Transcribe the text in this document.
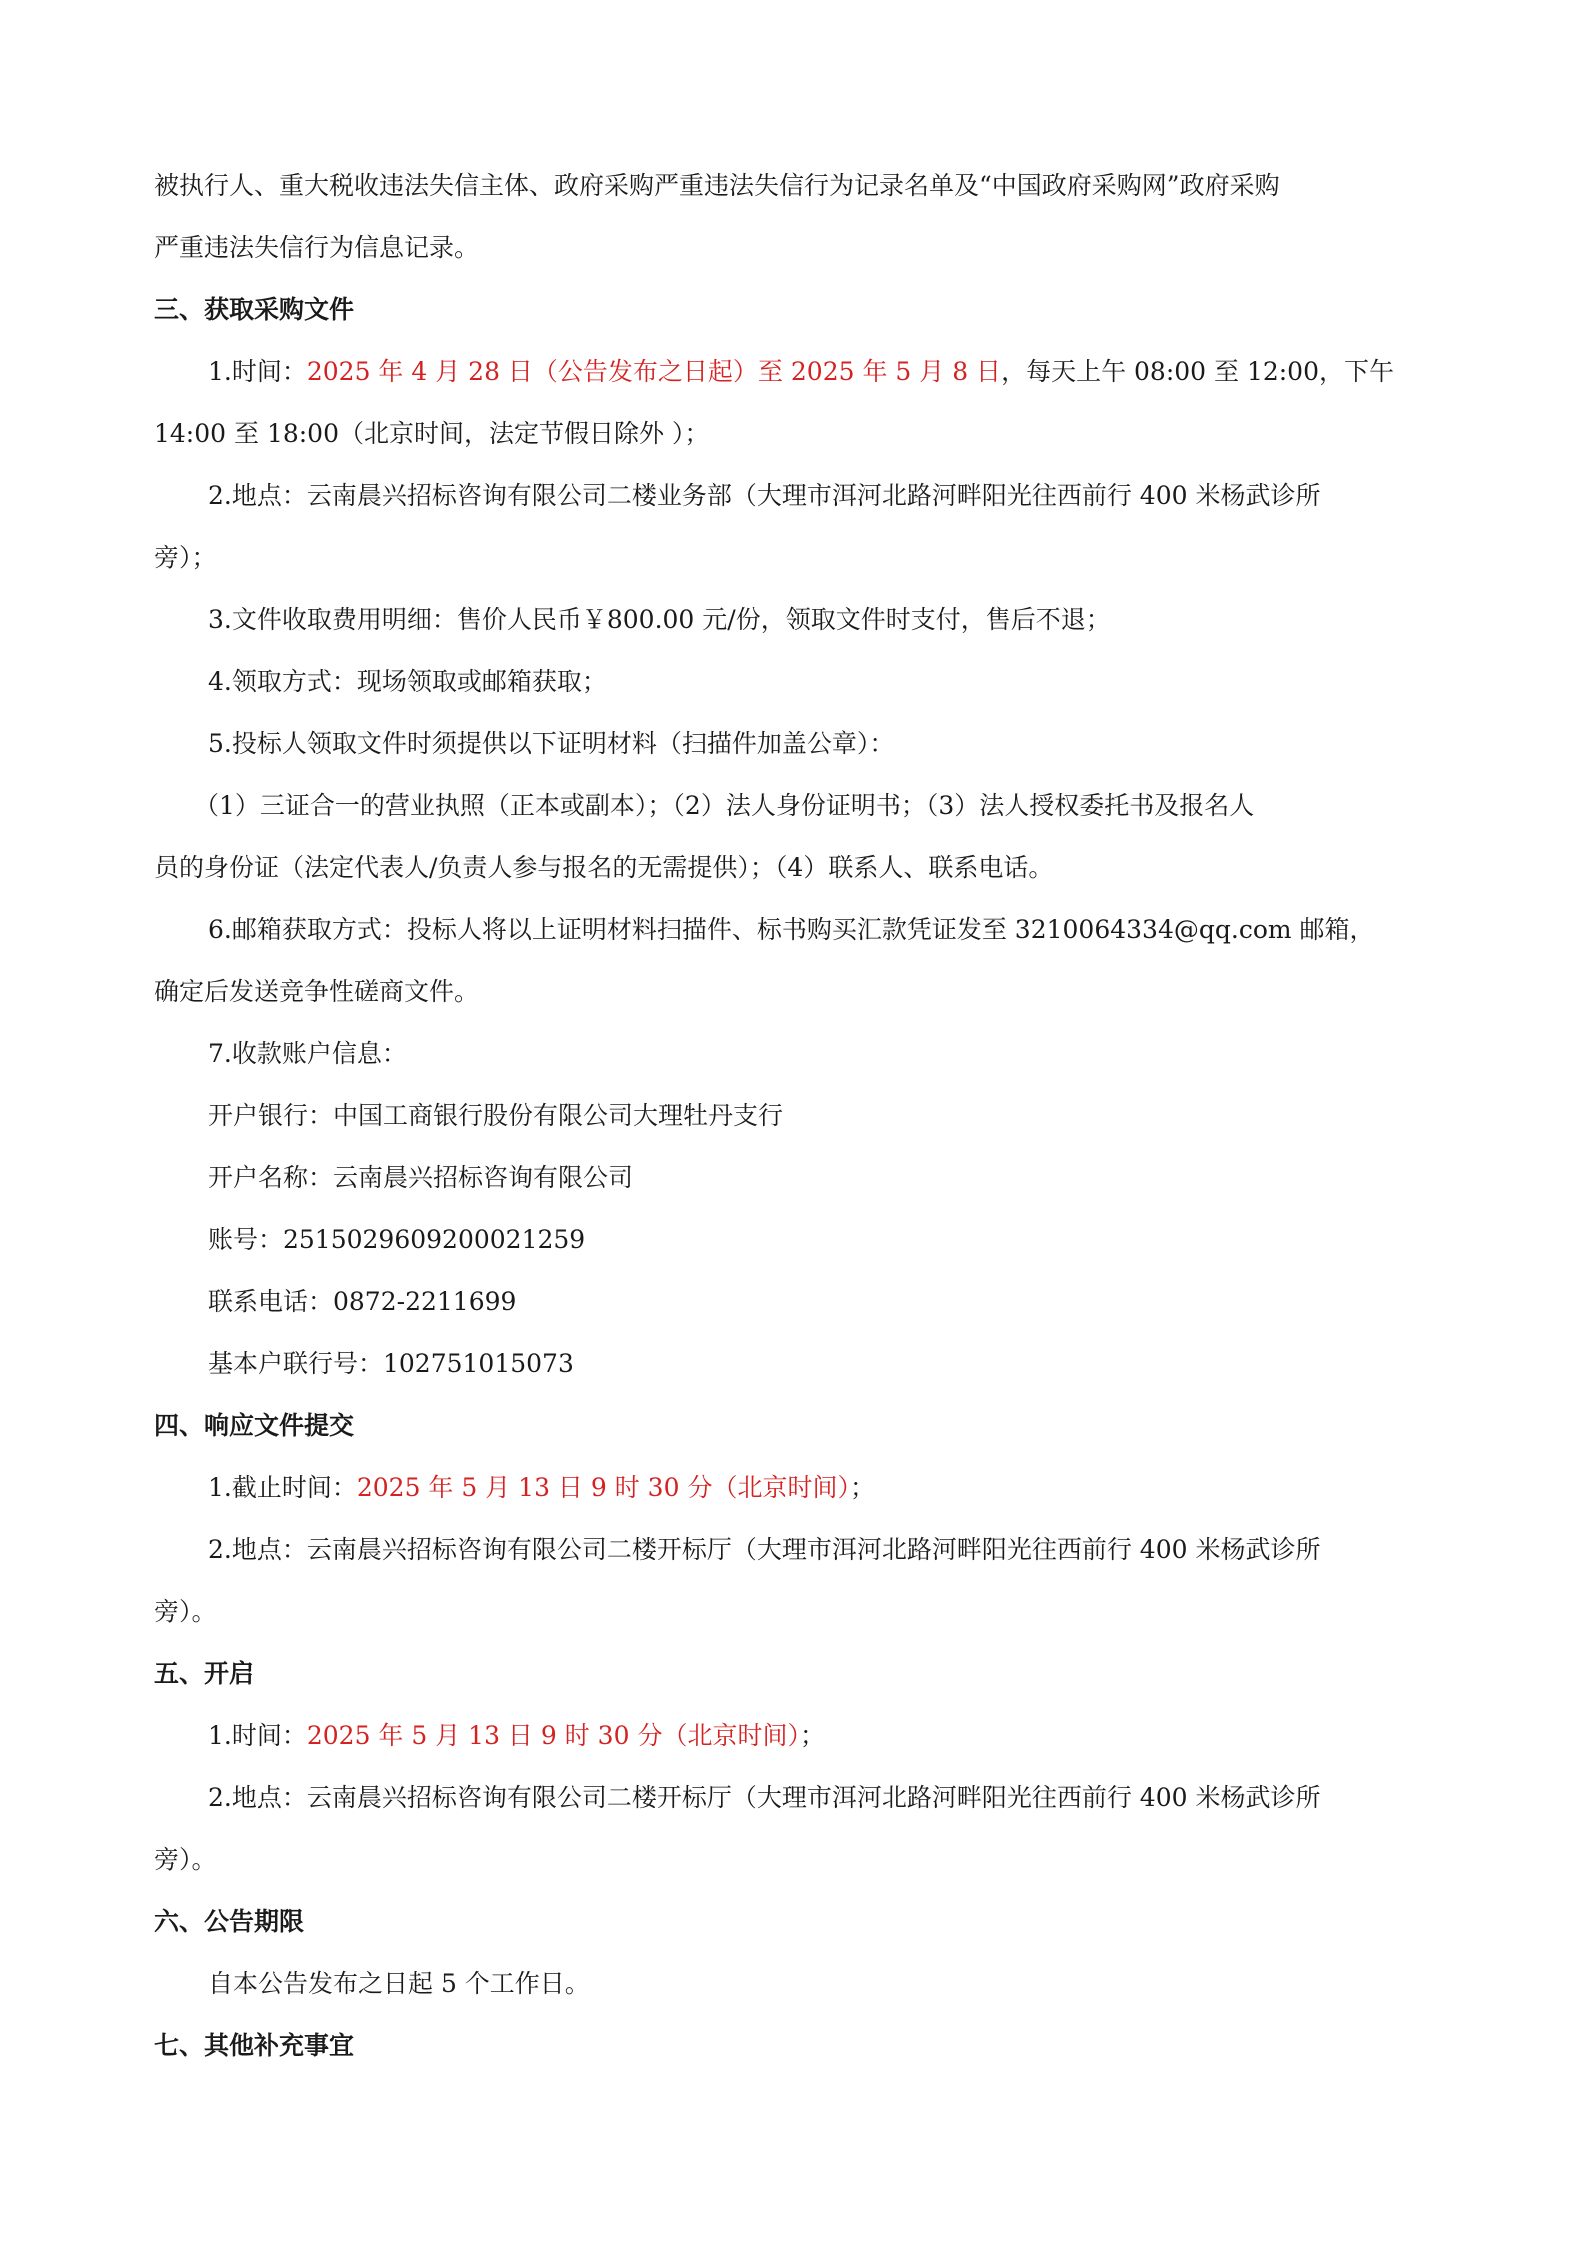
被执行人、重大税收违法失信主体、政府采购严重违法失信行为记录名单及“中国政府采购网”政府采购

严重违法失信行为信息记录。

三、获取采购文件

1.时间：2025 年 4 月 28 日（公告发布之日起）至 2025 年 5 月 8 日，每天上午 08:00 至 12:00，下午

14:00 至 18:00（北京时间，法定节假日除外 ）；

2.地点：云南晨兴招标咨询有限公司二楼业务部（大理市洱河北路河畔阳光往西前行 400 米杨武诊所

旁）；

3.文件收取费用明细：售价人民币￥800.00 元/份，领取文件时支付，售后不退；

4.领取方式：现场领取或邮箱获取；

5.投标人领取文件时须提供以下证明材料（扫描件加盖公章）：

（1）三证合一的营业执照（正本或副本）；（2）法人身份证明书；（3）法人授权委托书及报名人

员的身份证（法定代表人/负责人参与报名的无需提供）；（4）联系人、联系电话。

6.邮箱获取方式：投标人将以上证明材料扫描件、标书购买汇款凭证发至 3210064334@qq.com 邮箱，

确定后发送竞争性磋商文件。

7.收款账户信息：

开户银行：中国工商银行股份有限公司大理牡丹支行

开户名称：云南晨兴招标咨询有限公司

账号：2515029609200021259

联系电话：0872-2211699

基本户联行号：102751015073

四、响应文件提交

1.截止时间：2025 年 5 月 13 日 9 时 30 分（北京时间）；

2.地点：云南晨兴招标咨询有限公司二楼开标厅（大理市洱河北路河畔阳光往西前行 400 米杨武诊所

旁）。

五、开启

1.时间：2025 年 5 月 13 日 9 时 30 分（北京时间）；

2.地点：云南晨兴招标咨询有限公司二楼开标厅（大理市洱河北路河畔阳光往西前行 400 米杨武诊所

旁）。

六、公告期限

自本公告发布之日起 5 个工作日。

七、其他补充事宜
